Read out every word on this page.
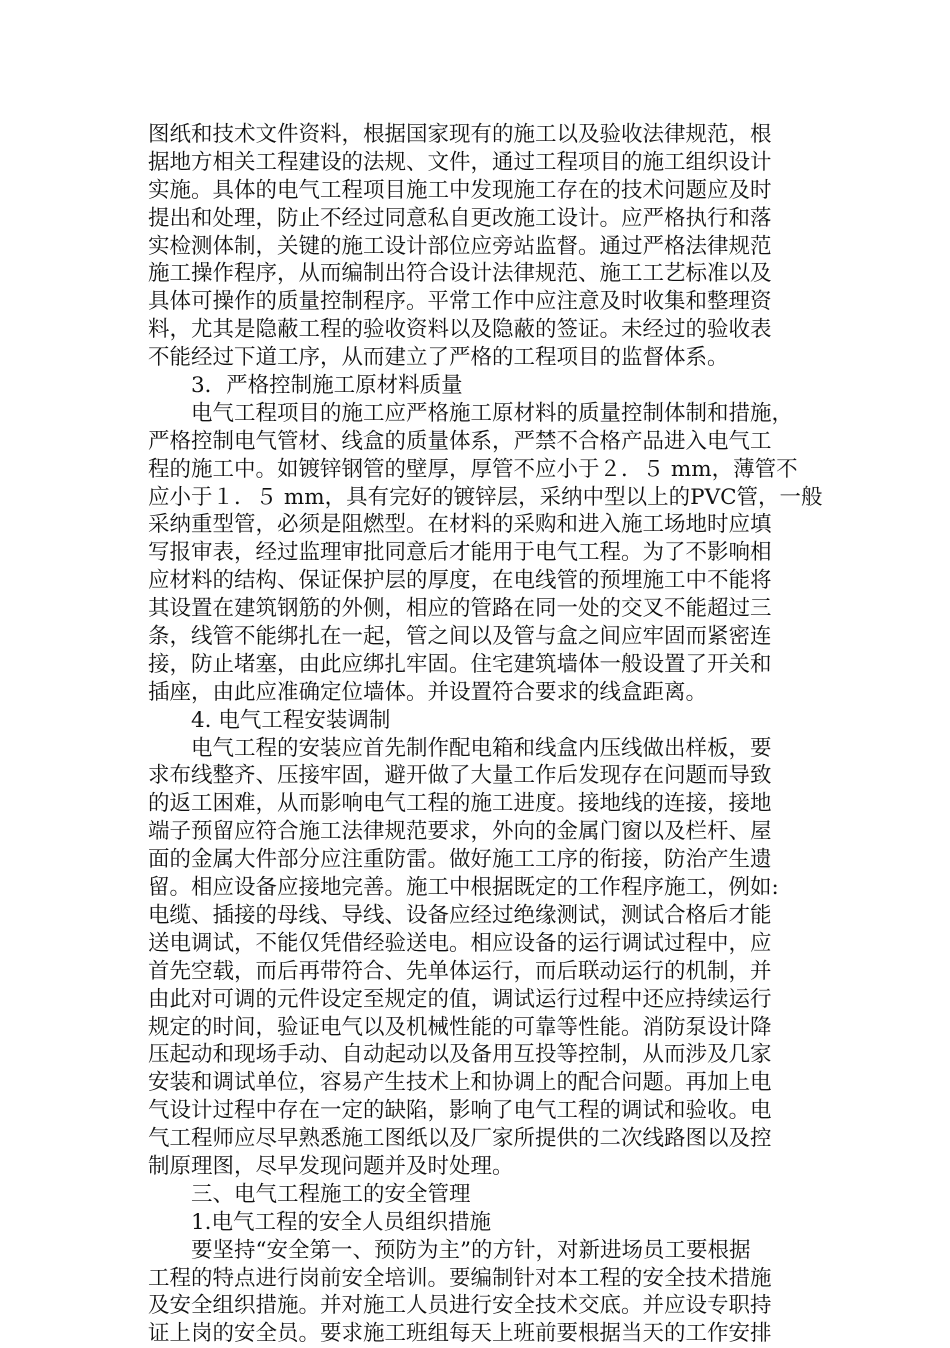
图纸和技术文件资料，根据国家现有的施工以及验收法律规范，根
据地方相关工程建设的法规、文件，通过工程项目的施工组织设计
实施。具体的电气工程项目施工中发现施工存在的技术问题应及时
提出和处理，防止不经过同意私自更改施工设计。应严格执行和落
实检测体制，关键的施工设计部位应旁站监督。通过严格法律规范
施工操作程序，从而编制出符合设计法律规范、施工工艺标准以及
具体可操作的质量控制程序。平常工作中应注意及时收集和整理资
料，尤其是隐蔽工程的验收资料以及隐蔽的签证。未经过的验收表
不能经过下道工序，从而建立了严格的工程项目的监督体系。
3．严格控制施工原材料质量
电气工程项目的施工应严格施工原材料的质量控制体制和措施，
严格控制电气管材、线盒的质量体系，严禁不合格产品进入电气工
程的施工中。如镀锌钢管的壁厚，厚管不应小于２．５ mm，薄管不
应小于１．５ mm，具有完好的镀锌层，采纳中型以上的PVC管，一般
采纳重型管，必须是阻燃型。在材料的采购和进入施工场地时应填
写报审表，经过监理审批同意后才能用于电气工程。为了不影响相
应材料的结构、保证保护层的厚度，在电线管的预埋施工中不能将
其设置在建筑钢筋的外侧，相应的管路在同一处的交叉不能超过三
条，线管不能绑扎在一起，管之间以及管与盒之间应牢固而紧密连
接，防止堵塞，由此应绑扎牢固。住宅建筑墙体一般设置了开关和
插座，由此应准确定位墙体。并设置符合要求的线盒距离。
4. 电气工程安装调制
电气工程的安装应首先制作配电箱和线盒内压线做出样板，要
求布线整齐、压接牢固，避开做了大量工作后发现存在问题而导致
的返工困难，从而影响电气工程的施工进度。接地线的连接，接地
端子预留应符合施工法律规范要求，外向的金属门窗以及栏杆、屋
面的金属大件部分应注重防雷。做好施工工序的衔接，防治产生遗
留。相应设备应接地完善。施工中根据既定的工作程序施工，例如:
电缆、插接的母线、导线、设备应经过绝缘测试，测试合格后才能
送电调试，不能仅凭借经验送电。相应设备的运行调试过程中，应
首先空载，而后再带符合、先单体运行，而后联动运行的机制，并
由此对可调的元件设定至规定的值，调试运行过程中还应持续运行
规定的时间，验证电气以及机械性能的可靠等性能。消防泵设计降
压起动和现场手动、自动起动以及备用互投等控制，从而涉及几家
安装和调试单位，容易产生技术上和协调上的配合问题。再加上电
气设计过程中存在一定的缺陷，影响了电气工程的调试和验收。电
气工程师应尽早熟悉施工图纸以及厂家所提供的二次线路图以及控
制原理图，尽早发现问题并及时处理。
三、电气工程施工的安全管理
1.电气工程的安全人员组织措施
要坚持“安全第一、预防为主”的方针，对新进场员工要根据
工程的特点进行岗前安全培训。要编制针对本工程的安全技术措施
及安全组织措施。并对施工人员进行安全技术交底。并应设专职持
证上岗的安全员。要求施工班组每天上班前要根据当天的工作安排
